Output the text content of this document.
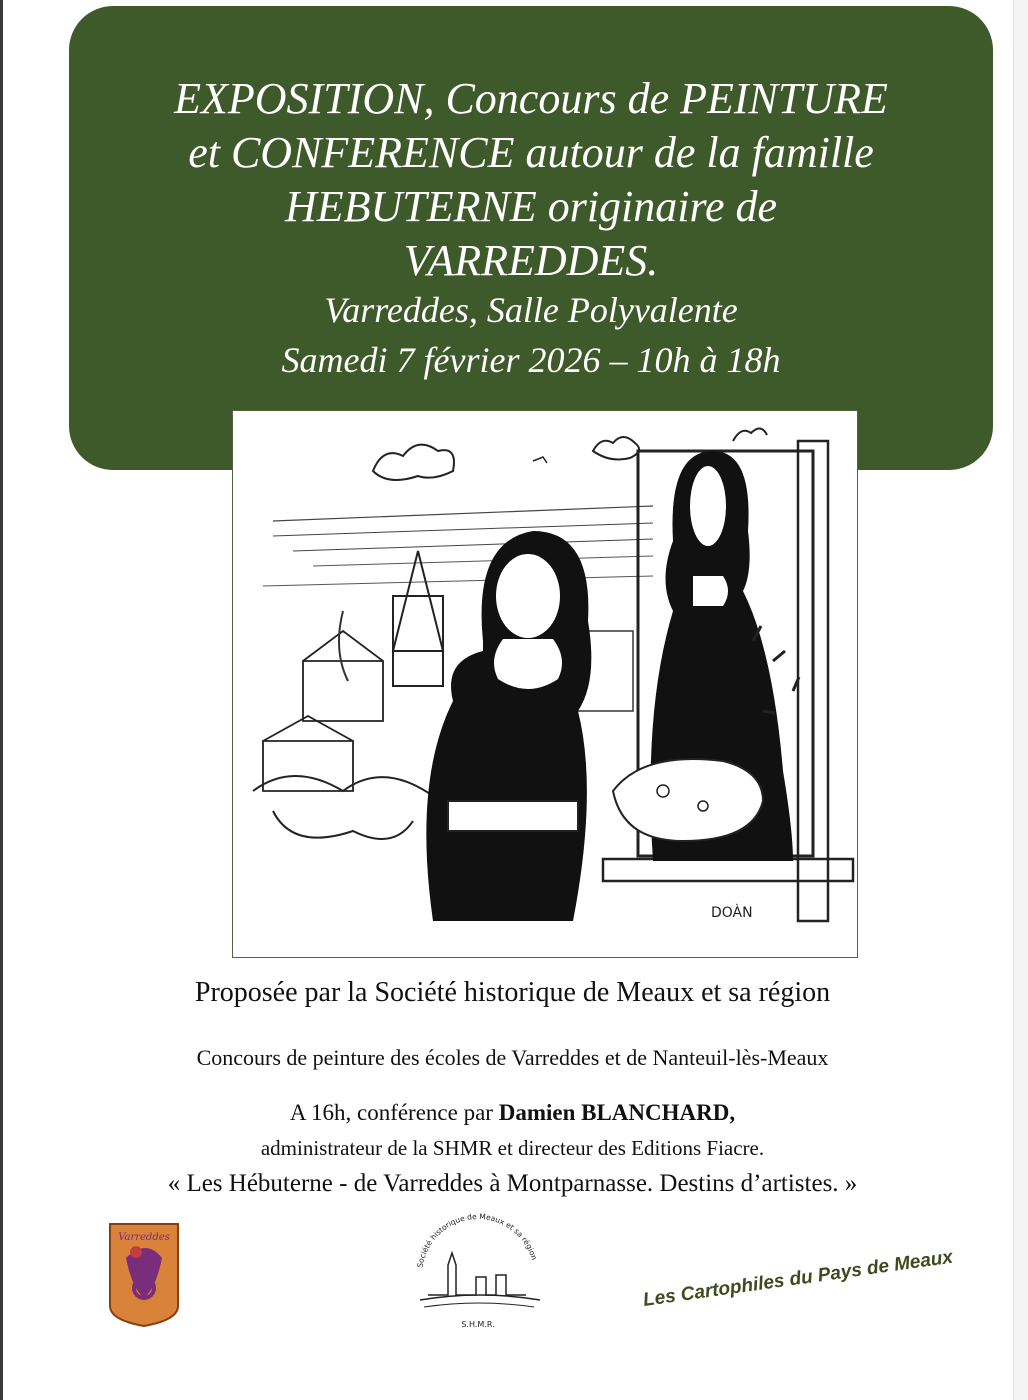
EXPOSITION, Concours de PEINTURE
et CONFERENCE autour de la famille
HEBUTERNE originaire de
VARREDDES.
Varreddes, Salle Polyvalente
Samedi 7 février 2026 – 10h à 18h
DOÀN
Proposée par la Société historique de Meaux et sa région
Concours de peinture des écoles de Varreddes et de Nanteuil-lès-Meaux
A 16h, conférence par Damien BLANCHARD,
administrateur de la SHMR et directeur des Editions Fiacre.
« Les Hébuterne - de Varreddes à Montparnasse. Destins d’artistes. »
Varreddes
Société historique de Meaux et sa région
S.H.M.R.
Les Cartophiles du Pays de Meaux
